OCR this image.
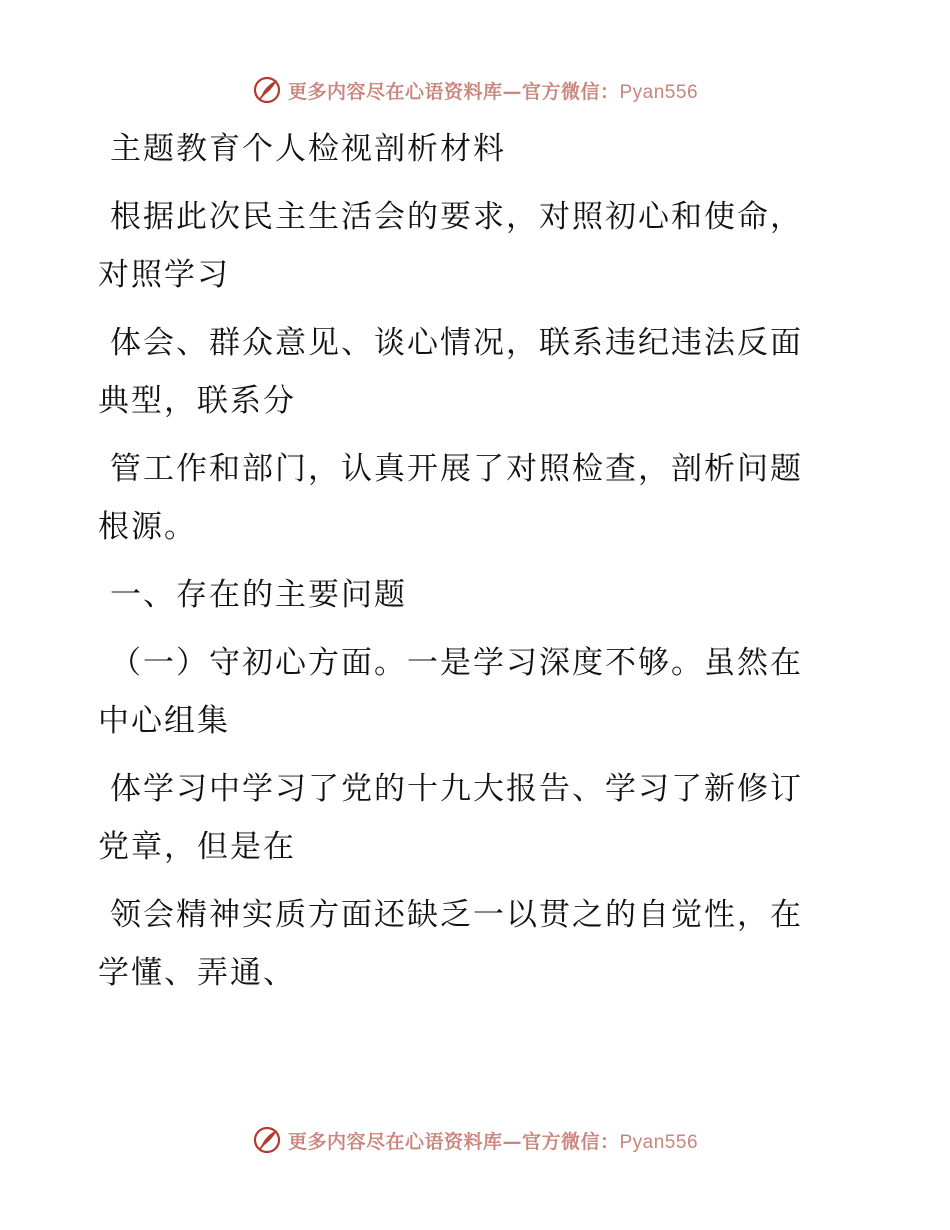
更多内容尽在心语资料库—官方微信：Pyan556

主题教育个人检视剖析材料

根据此次民主生活会的要求，对照初心和使命，

对照学习

体会、群众意见、谈心情况，联系违纪违法反面

典型，联系分

管工作和部门，认真开展了对照检查，剖析问题

根源。

一、存在的主要问题

（一）守初心方面。一是学习深度不够。虽然在

中心组集

体学习中学习了党的十九大报告、学习了新修订

党章，但是在

领会精神实质方面还缺乏一以贯之的自觉性，在

学懂、弄通、

更多内容尽在心语资料库—官方微信：Pyan556
